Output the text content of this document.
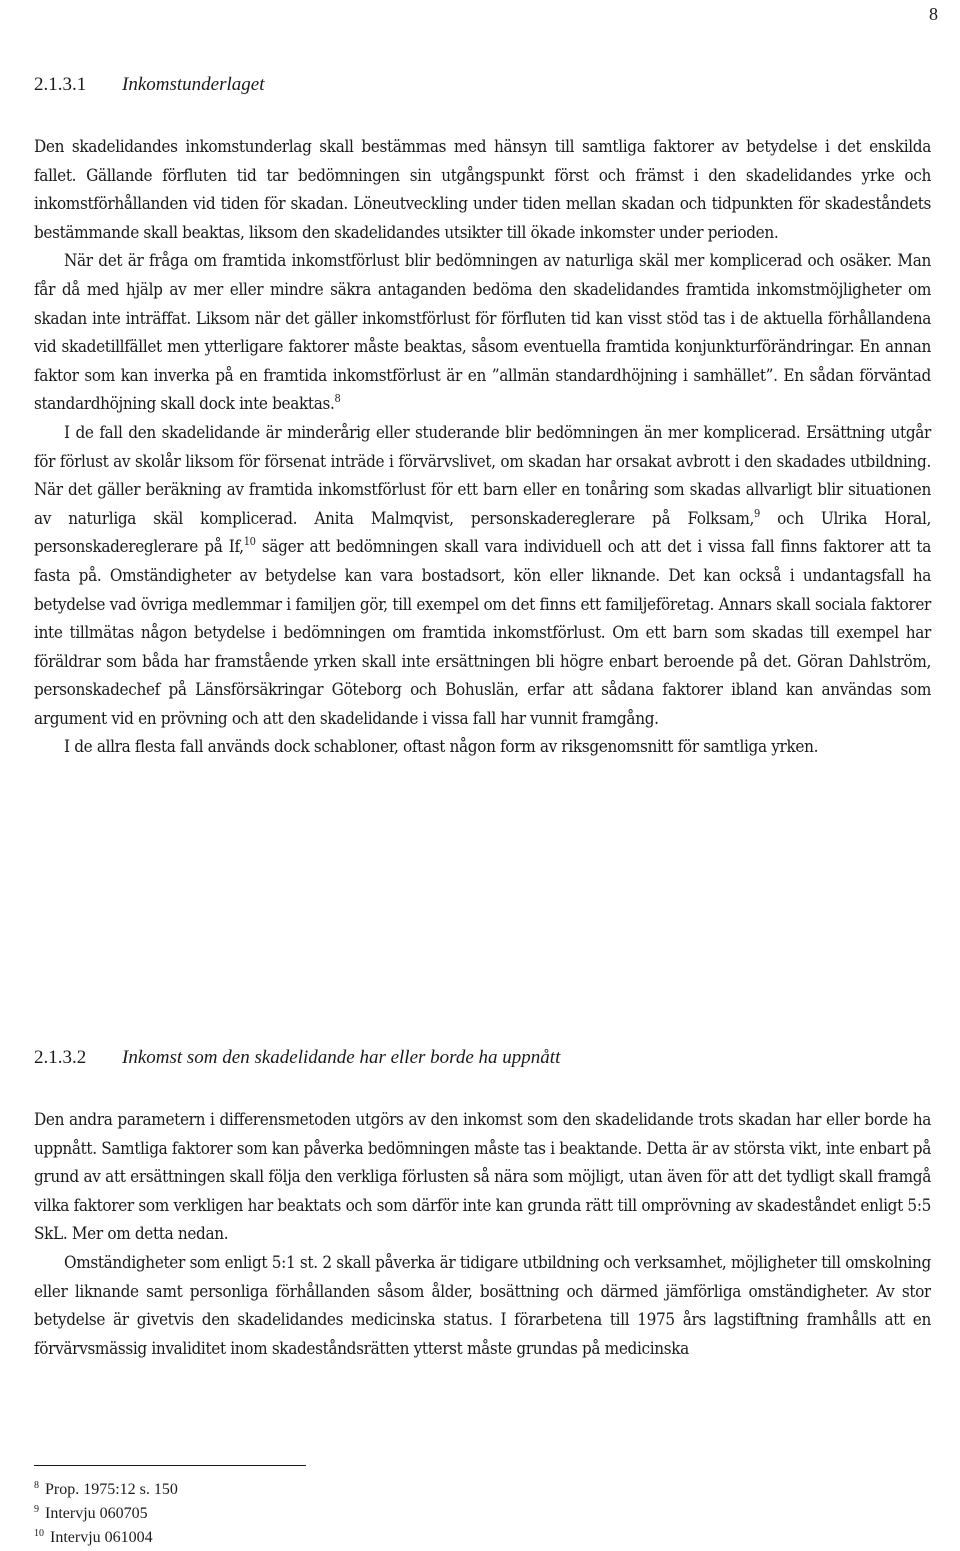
8
2.1.3.1 Inkomstunderlaget

Den skadelidandes inkomstunderlag skall bestämmas med hänsyn till samtliga faktorer av betydelse i det enskilda fallet. Gällande förfluten tid tar bedömningen sin utgångspunkt först och främst i den skadelidandes yrke och inkomstförhållanden vid tiden för skadan. Löneutveckling under tiden mellan skadan och tidpunkten för skadeståndets bestämmande skall beaktas, liksom den skadelidandes utsikter till ökade inkomster under perioden.

När det är fråga om framtida inkomstförlust blir bedömningen av naturliga skäl mer komplicerad och osäker. Man får då med hjälp av mer eller mindre säkra antaganden bedöma den skadelidandes framtida inkomstmöjligheter om skadan inte inträffat. Liksom när det gäller inkomstförlust för förfluten tid kan visst stöd tas i de aktuella förhållandena vid skadetillfället men ytterligare faktorer måste beaktas, såsom eventuella framtida konjunkturförändringar. En annan faktor som kan inverka på en framtida inkomstförlust är en ”allmän standardhöjning i samhället”. En sådan förväntad standardhöjning skall dock inte beaktas.$^8$

I de fall den skadelidande är minderårig eller studerande blir bedömningen än mer komplicerad. Ersättning utgår för förlust av skolår liksom för försenat inträde i förvärvslivet, om skadan har orsakat avbrott i den skadades utbildning. När det gäller beräkning av framtida inkomstförlust för ett barn eller en tonåring som skadas allvarligt blir situationen av naturliga skäl komplicerad. Anita Malmqvist, personskadereglerare på Folksam,$^9$ och Ulrika Horal, personskadereglerare på If,$^{10}$ säger att bedömningen skall vara individuell och att det i vissa fall finns faktorer att ta fasta på. Omständigheter av betydelse kan vara bostadsort, kön eller liknande. Det kan också i undantagsfall ha betydelse vad övriga medlemmar i familjen gör, till exempel om det finns ett familjeföretag. Annars skall sociala faktorer inte tillmätas någon betydelse i bedömningen om framtida inkomstförlust. Om ett barn som skadas till exempel har föräldrar som båda har framstående yrken skall inte ersättningen bli högre enbart beroende på det. Göran Dahlström, personskadechef på Länsförsäkringar Göteborg och Bohuslän, erfar att sådana faktorer ibland kan användas som argument vid en prövning och att den skadelidande i vissa fall har vunnit framgång.

I de allra flesta fall används dock schabloner, oftast någon form av riksgenomsnitt för samtliga yrken.

2.1.3.2 Inkomst som den skadelidande har eller borde ha uppnått

Den andra parametern i differensmetoden utgörs av den inkomst som den skadelidande trots skadan har eller borde ha uppnått. Samtliga faktorer som kan påverka bedömningen måste tas i beaktande. Detta är av största vikt, inte enbart på grund av att ersättningen skall följa den verkliga förlusten så nära som möjligt, utan även för att det tydligt skall framgå vilka faktorer som verkligen har beaktats och som därför inte kan grunda rätt till omprövning av skadeståndet enligt 5:5 SkL. Mer om detta nedan.

Omständigheter som enligt 5:1 st. 2 skall påverka är tidigare utbildning och verksamhet, möjligheter till omskolning eller liknande samt personliga förhållanden såsom ålder, bosättning och därmed jämförliga omständigheter. Av stor betydelse är givetvis den skadelidandes medicinska status. I förarbetena till 1975 års lagstiftning framhålls att en förvärvsmässig invaliditet inom skadeståndsrätten ytterst måste grundas på medicinska

$^8$ Prop. 1975:12 s. 150
$^9$ Intervju 060705
$^{10}$ Intervju 061004
